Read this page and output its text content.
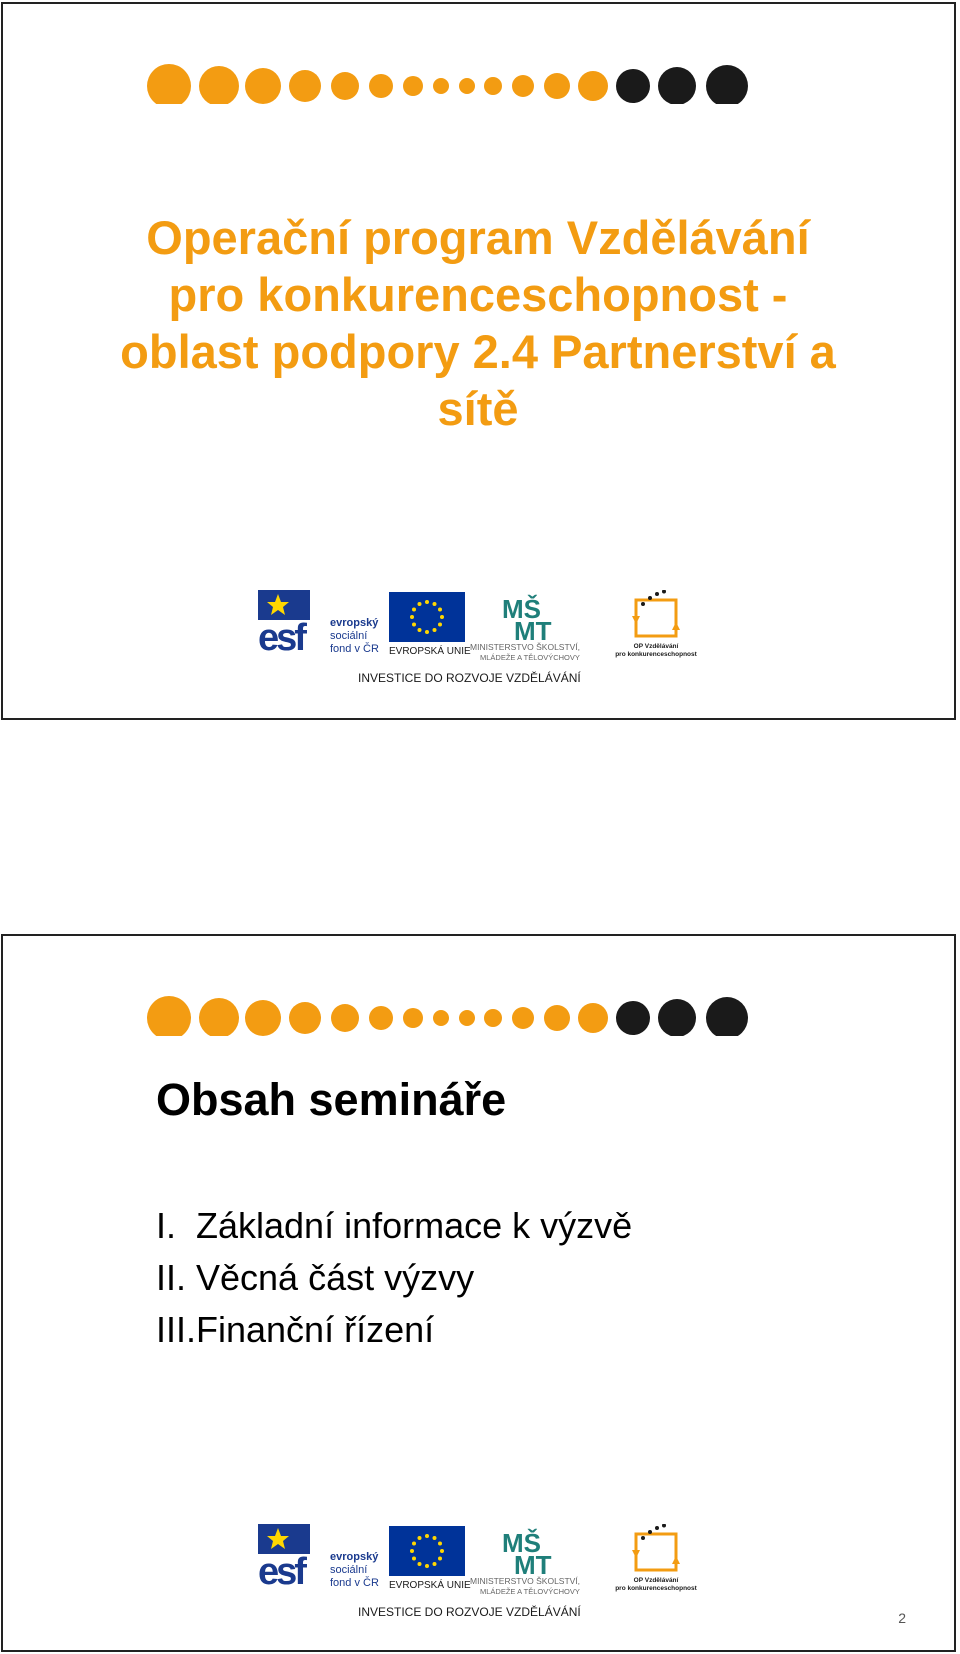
Operační program Vzdělávání
pro konkurenceschopnost -
oblast podpory 2.4 Partnerství a
sítě
esf	evropský
sociální
fond v ČR EVROPSKÁ UNIE
MŠ
MT
MINISTERSTVO ŠKOLSTVÍ,
MLÁDEŽE A TĚLOVÝCHOVY
OP Vzdělávání
pro konkurenceschopnost
INVESTICE DO ROZVOJE VZDĚLÁVÁNÍ
Obsah semináře
I. Základní informace k výzvě
II. Věcná část výzvy
III. Finanční řízení
esf	evropský
sociální
fond v ČR EVROPSKÁ UNIE
MŠ
MT
MINISTERSTVO ŠKOLSTVÍ,
MLÁDEŽE A TĚLOVÝCHOVY
OP Vzdělávání
pro konkurenceschopnost
INVESTICE DO ROZVOJE VZDĚLÁVÁNÍ	2
